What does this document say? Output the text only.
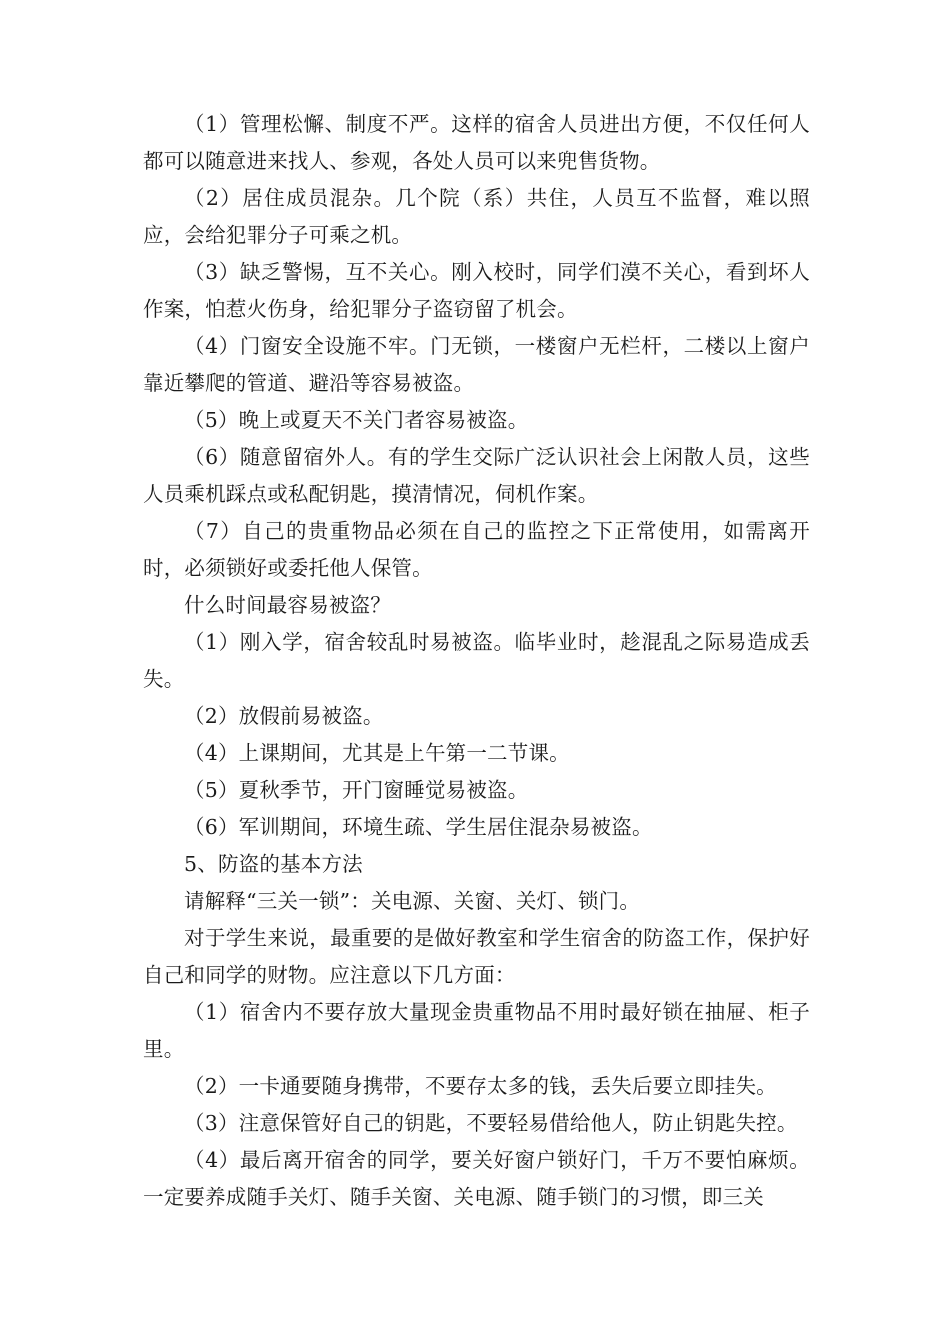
（1）管理松懈、制度不严。这样的宿舍人员进出方便，不仅任何人都可以随意进来找人、参观，各处人员可以来兜售货物。

（2）居住成员混杂。几个院（系）共住，人员互不监督，难以照应，会给犯罪分子可乘之机。

（3）缺乏警惕，互不关心。刚入校时，同学们漠不关心，看到坏人作案，怕惹火伤身，给犯罪分子盗窃留了机会。

（4）门窗安全设施不牢。门无锁，一楼窗户无栏杆，二楼以上窗户靠近攀爬的管道、避沿等容易被盗。

（5）晚上或夏天不关门者容易被盗。

（6）随意留宿外人。有的学生交际广泛认识社会上闲散人员，这些人员乘机踩点或私配钥匙，摸清情况，伺机作案。

（7）自己的贵重物品必须在自己的监控之下正常使用，如需离开时，必须锁好或委托他人保管。

什么时间最容易被盗？

（1）刚入学，宿舍较乱时易被盗。临毕业时，趁混乱之际易造成丢失。

（2）放假前易被盗。

（4）上课期间，尤其是上午第一二节课。

（5）夏秋季节，开门窗睡觉易被盗。

（6）军训期间，环境生疏、学生居住混杂易被盗。

5、防盗的基本方法

请解释“三关一锁”：关电源、关窗、关灯、锁门。

对于学生来说，最重要的是做好教室和学生宿舍的防盗工作，保护好自己和同学的财物。应注意以下几方面：

（1）宿舍内不要存放大量现金贵重物品不用时最好锁在抽屉、柜子里。

（2）一卡通要随身携带，不要存太多的钱，丢失后要立即挂失。

（3）注意保管好自己的钥匙，不要轻易借给他人，防止钥匙失控。

（4）最后离开宿舍的同学，要关好窗户锁好门，千万不要怕麻烦。一定要养成随手关灯、随手关窗、关电源、随手锁门的习惯，即三关
